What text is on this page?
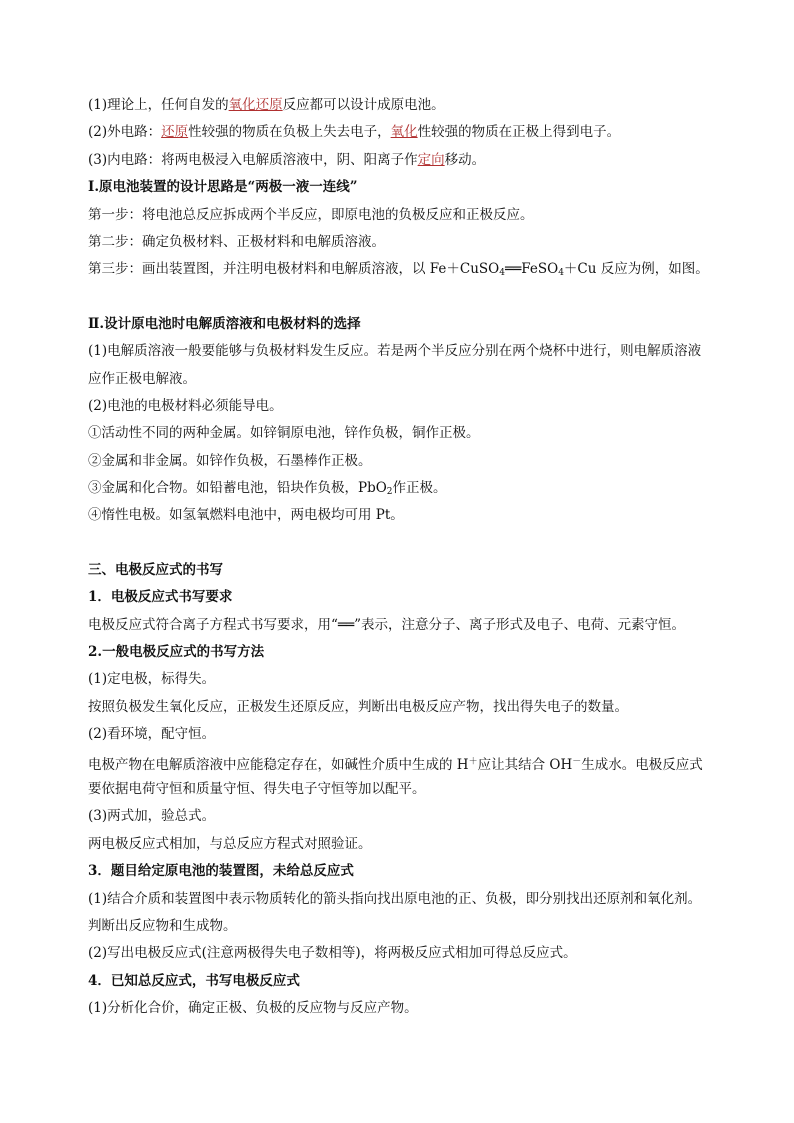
(1)理论上，任何自发的氧化还原反应都可以设计成原电池。
(2)外电路：还原性较强的物质在负极上失去电子，氧化性较强的物质在正极上得到电子。
(3)内电路：将两电极浸入电解质溶液中，阴、阳离子作定向移动。
Ⅰ.原电池装置的设计思路是“两极一液一连线”
第一步：将电池总反应拆成两个半反应，即原电池的负极反应和正极反应。
第二步：确定负极材料、正极材料和电解质溶液。
第三步：画出装置图，并注明电极材料和电解质溶液，以 Fe＋CuSO$_4$══FeSO$_4$＋Cu 反应为例，如图。
Ⅱ.设计原电池时电解质溶液和电极材料的选择
(1)电解质溶液一般要能够与负极材料发生反应。若是两个半反应分别在两个烧杯中进行，则电解质溶液
应作正极电解液。
(2)电池的电极材料必须能导电。
①活动性不同的两种金属。如锌铜原电池，锌作负极，铜作正极。
②金属和非金属。如锌作负极，石墨棒作正极。
③金属和化合物。如铅蓄电池，铅块作负极，PbO$_2$作正极。
④惰性电极。如氢氧燃料电池中，两电极均可用 Pt。
三、电极反应式的书写
1．电极反应式书写要求
电极反应式符合离子方程式书写要求，用“══”表示，注意分子、离子形式及电子、电荷、元素守恒。
2.一般电极反应式的书写方法
(1)定电极，标得失。
按照负极发生氧化反应，正极发生还原反应，判断出电极反应产物，找出得失电子的数量。
(2)看环境，配守恒。
电极产物在电解质溶液中应能稳定存在，如碱性介质中生成的 H＋应让其结合 OH－生成水。电极反应式
要依据电荷守恒和质量守恒、得失电子守恒等加以配平。
(3)两式加，验总式。
两电极反应式相加，与总反应方程式对照验证。
3．题目给定原电池的装置图，未给总反应式
(1)结合介质和装置图中表示物质转化的箭头指向找出原电池的正、负极，即分别找出还原剂和氧化剂。
判断出反应物和生成物。
(2)写出电极反应式(注意两极得失电子数相等)，将两极反应式相加可得总反应式。
4．已知总反应式，书写电极反应式
(1)分析化合价，确定正极、负极的反应物与反应产物。
